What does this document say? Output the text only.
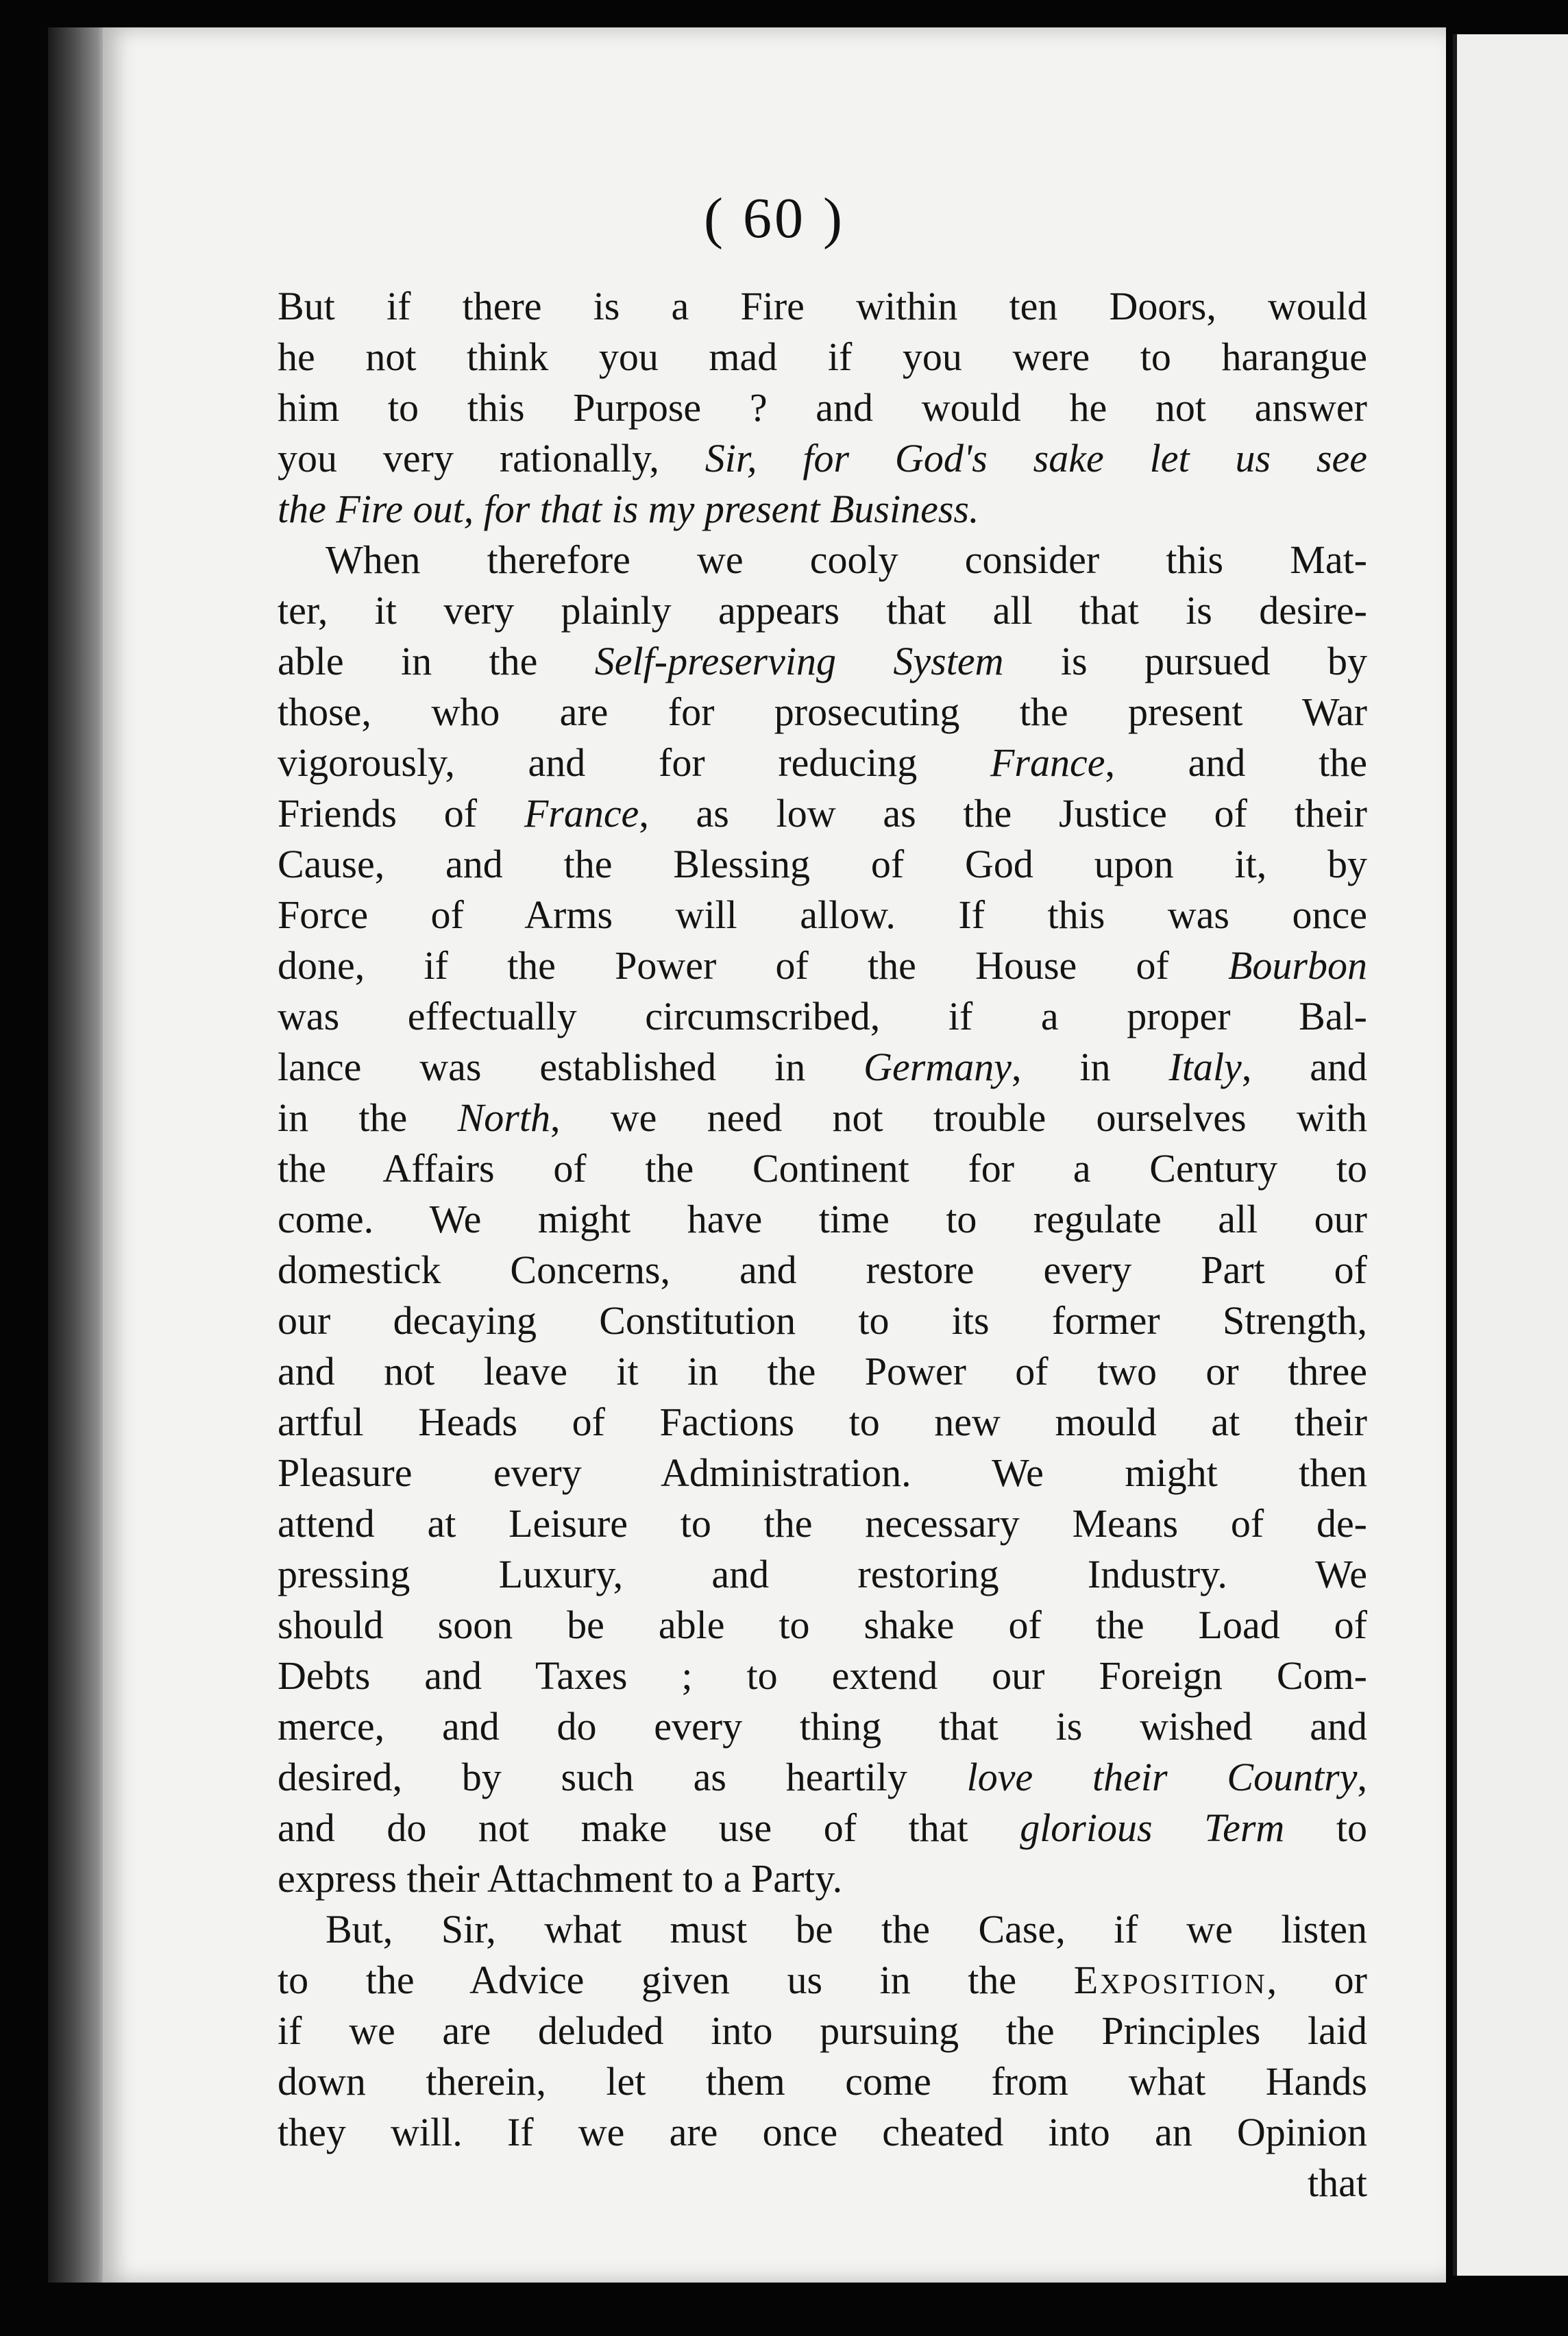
( 60 )
But if there is a Fire within ten Doors, would
he not think you mad if you were to harangue
him to this Purpose ? and would he not answer
you very rationally, Sir, for God's sake let us see
the Fire out, for that is my present Business.
When therefore we cooly consider this Mat-
ter, it very plainly appears that all that is desire-
able in the Self-preserving System is pursued by
those, who are for prosecuting the present War
vigorously, and for reducing France, and the
Friends of France, as low as the Justice of their
Cause, and the Blessing of God upon it, by
Force of Arms will allow. If this was once
done, if the Power of the House of Bourbon
was effectually circumscribed, if a proper Bal-
lance was established in Germany, in Italy, and
in the North, we need not trouble ourselves with
the Affairs of the Continent for a Century to
come. We might have time to regulate all our
domestick Concerns, and restore every Part of
our decaying Constitution to its former Strength,
and not leave it in the Power of two or three
artful Heads of Factions to new mould at their
Pleasure every Administration. We might then
attend at Leisure to the necessary Means of de-
pressing Luxury, and restoring Industry. We
should soon be able to shake of the Load of
Debts and Taxes ; to extend our Foreign Com-
merce, and do every thing that is wished and
desired, by such as heartily love their Country,
and do not make use of that glorious Term to
express their Attachment to a Party.
But, Sir, what must be the Case, if we listen
to the Advice given us in the Exposition, or
if we are deluded into pursuing the Principles laid
down therein, let them come from what Hands
they will. If we are once cheated into an Opinion
that
